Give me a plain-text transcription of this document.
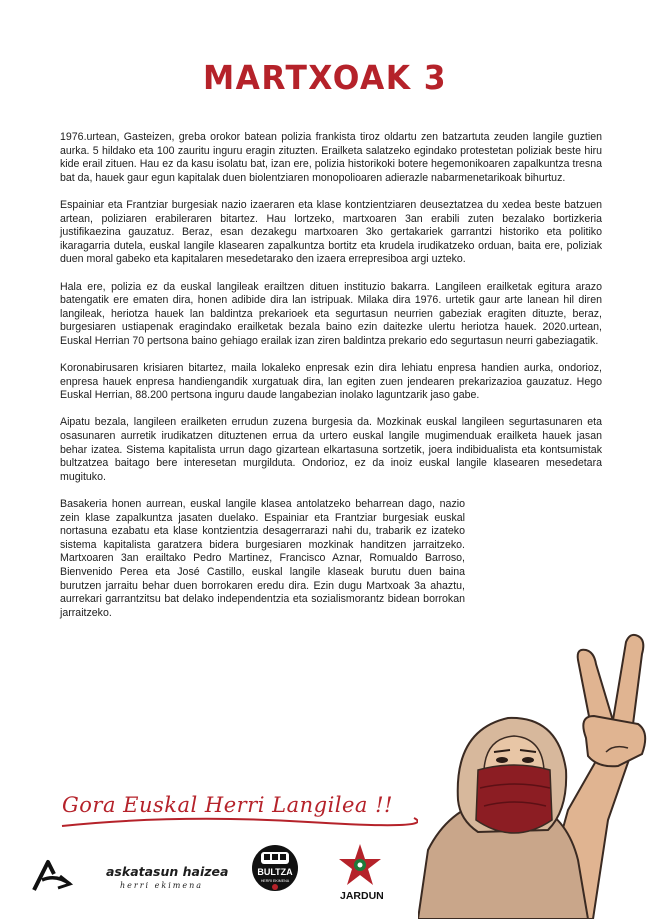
MARTXOAK 3

1976.urtean, Gasteizen, greba orokor batean polizia frankista tiroz oldartu zen batzartuta zeuden langile guztien aurka. 5 hildako eta 100 zauritu inguru eragin zituzten. Erailketa salatzeko egindako protestetan poliziak beste hiru kide erail zituen. Hau ez da kasu isolatu bat, izan ere, polizia historikoki botere hegemonikoaren zapalkuntza tresna bat da, hauek gaur egun kapitalak duen biolentziaren monopolioaren adierazle nabarmenetarikoak bihurtuz.

Espainiar eta Frantziar burgesiak nazio izaeraren eta klase kontzientziaren deuseztatzea du xedea beste batzuen artean, poliziaren erabileraren bitartez. Hau lortzeko, martxoaren 3an erabili zuten bezalako bortizkeria justifikaezina gauzatuz. Beraz, esan dezakegu martxoaren 3ko gertakariek garrantzi historiko eta politiko ikaragarria dutela, euskal langile klasearen zapalkuntza bortitz eta krudela irudikatzeko orduan, baita ere, poliziak duen moral gabeko eta kapitalaren mesedetarako den izaera errepresiboa argi uzteko.

Hala ere, polizia ez da euskal langileak erailtzen dituen instituzio bakarra. Langileen erailketak egitura arazo batengatik ere ematen dira, honen adibide dira lan istripuak. Milaka dira 1976. urtetik gaur arte lanean hil diren langileak, heriotza hauek lan baldintza prekarioek eta segurtasun neurrien gabeziak eragiten dituzte, beraz, burgesiaren ustiapenak eragindako erailketak bezala baino ezin daitezke ulertu heriotza hauek. 2020.urtean, Euskal Herrian 70 pertsona baino gehiago erailak izan ziren baldintza prekario edo segurtasun neurri gabeziagatik.

Koronabirusaren krisiaren bitartez, maila lokaleko enpresak ezin dira lehiatu enpresa handien aurka, ondorioz, enpresa hauek enpresa handiengandik xurgatuak dira, lan egiten zuen jendearen prekarizazioa gauzatuz. Hego Euskal Herrian, 88.200 pertsona inguru daude langabezian inolako laguntzarik jaso gabe.

Aipatu bezala, langileen erailketen errudun zuzena burgesia da. Mozkinak euskal langileen segurtasunaren eta osasunaren aurretik irudikatzen dituztenen errua da urtero euskal langile mugimenduak erailketa hauek jasan behar izatea. Sistema kapitalista urrun dago gizartean elkartasuna sortzetik, joera indibidualista eta kontsumistak bultzatzea baitago bere interesetan murgilduta. Ondorioz, ez da inoiz euskal langile klasearen mesedetara mugituko.

Basakeria honen aurrean, euskal langile klasea antolatzeko beharrean dago, nazio zein klase zapalkuntza jasaten duelako. Espainiar eta Frantziar burgesiak euskal nortasuna ezabatu eta klase kontzientzia desagerrarazi nahi du, trabarik ez izateko sistema kapitalista garatzera bidera burgesiaren mozkinak handitzen jarraitzeko. Martxoaren 3an erailtako Pedro Martinez, Francisco Aznar, Romualdo Barroso, Bienvenido Perea eta José Castillo, euskal langile klaseak burutu duen baina burutzen jarraitu behar duen borrokaren eredu dira. Ezin dugu Martxoak 3a ahaztu, aurrekari garrantzitsu bat delako independentzia eta sozialismorantz bidean borrokan jarraitzeko.

Gora Euskal Herri Langilea !!
askatasun haizea
herri ekimena
BULTZA
HERRI EKIMENA
JARDUN
